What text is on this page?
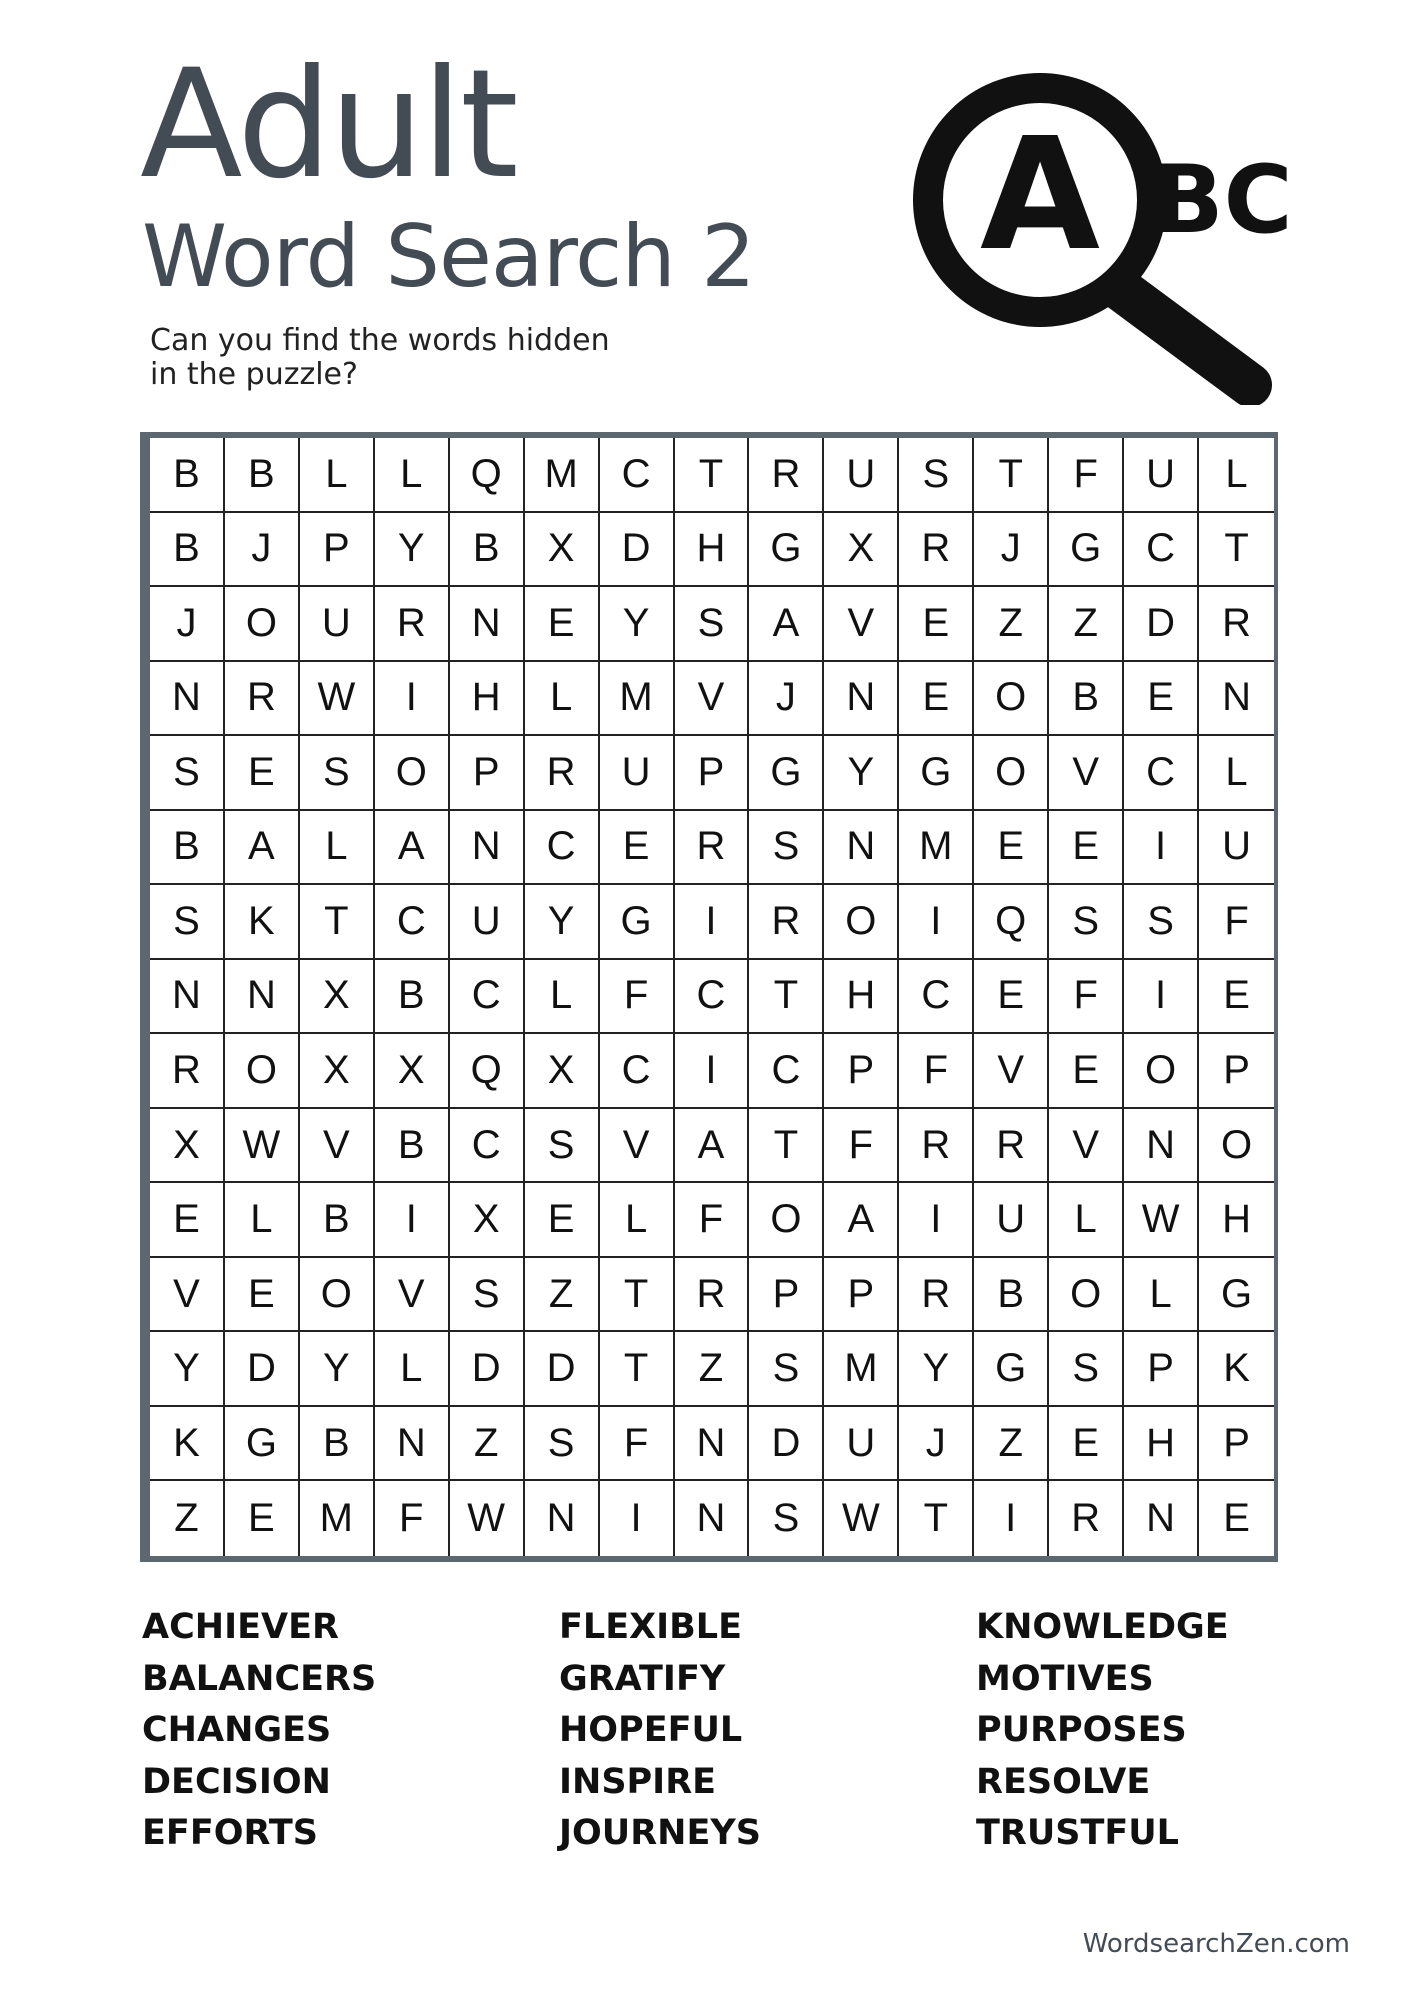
Adult
Word Search 2
Can you find the words hidden
in the puzzle?
A BC
B	B	L	L	Q	M	C	T	R	U	S	T	F	U	L
B	J	P	Y	B	X	D	H	G	X	R	J	G	C	T
J	O	U	R	N	E	Y	S	A	V	E	Z	Z	D	R
N	R	W	I	H	L	M	V	J	N	E	O	B	E	N
S	E	S	O	P	R	U	P	G	Y	G	O	V	C	L
B	A	L	A	N	C	E	R	S	N	M	E	E	I	U
S	K	T	C	U	Y	G	I	R	O	I	Q	S	S	F
N	N	X	B	C	L	F	C	T	H	C	E	F	I	E
R	O	X	X	Q	X	C	I	C	P	F	V	E	O	P
X	W	V	B	C	S	V	A	T	F	R	R	V	N	O
E	L	B	I	X	E	L	F	O	A	I	U	L	W	H
V	E	O	V	S	Z	T	R	P	P	R	B	O	L	G
Y	D	Y	L	D	D	T	Z	S	M	Y	G	S	P	K
K	G	B	N	Z	S	F	N	D	U	J	Z	E	H	P
Z	E	M	F	W	N	I	N	S	W	T	I	R	N	E
ACHIEVER
BALANCERS
CHANGES
DECISION
EFFORTS
FLEXIBLE
GRATIFY
HOPEFUL
INSPIRE
JOURNEYS
KNOWLEDGE
MOTIVES
PURPOSES
RESOLVE
TRUSTFUL
WordsearchZen.com
